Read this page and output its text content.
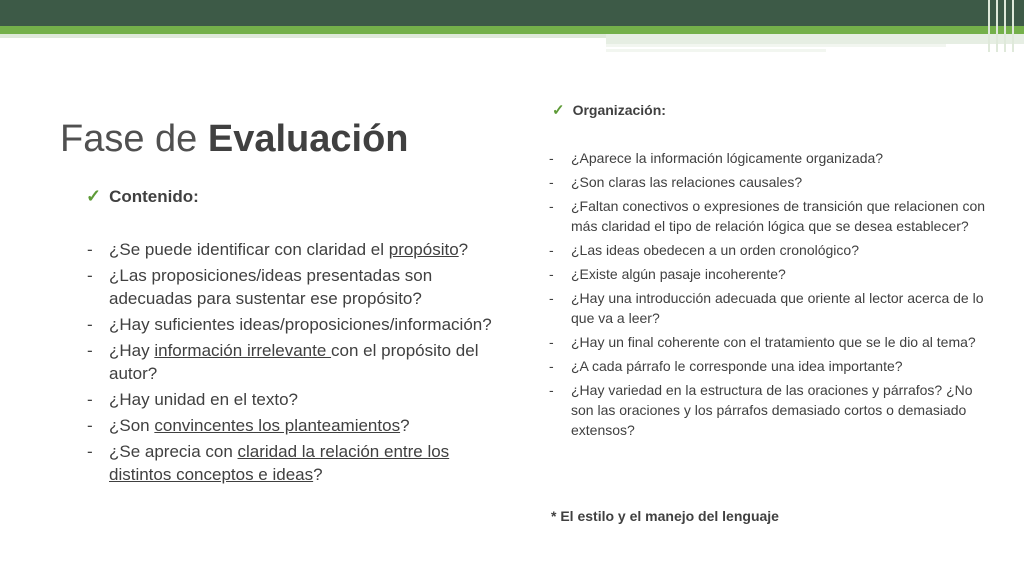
Fase de Evaluación
✓ Contenido:
- ¿Se puede identificar con claridad el propósito?
- ¿Las proposiciones/ideas presentadas son adecuadas para sustentar ese propósito?
- ¿Hay suficientes ideas/proposiciones/información?
- ¿Hay información irrelevante con el propósito del autor?
- ¿Hay unidad en el texto?
- ¿Son convincentes los planteamientos?
- ¿Se aprecia con claridad la relación entre los distintos conceptos e ideas?
✓ Organización:
- ¿Aparece la información lógicamente organizada?
- ¿Son claras las relaciones causales?
- ¿Faltan conectivos o expresiones de transición que relacionen con más claridad el tipo de relación lógica que se desea establecer?
- ¿Las ideas obedecen a un orden cronológico?
- ¿Existe algún pasaje incoherente?
- ¿Hay una introducción adecuada que oriente al lector acerca de lo que va a leer?
- ¿Hay un final coherente con el tratamiento que se le dio al tema?
- ¿A cada párrafo le corresponde una idea importante?
- ¿Hay variedad en la estructura de las oraciones y párrafos? ¿No son las oraciones y los párrafos demasiado cortos o demasiado extensos?
* El estilo y el manejo del lenguaje
